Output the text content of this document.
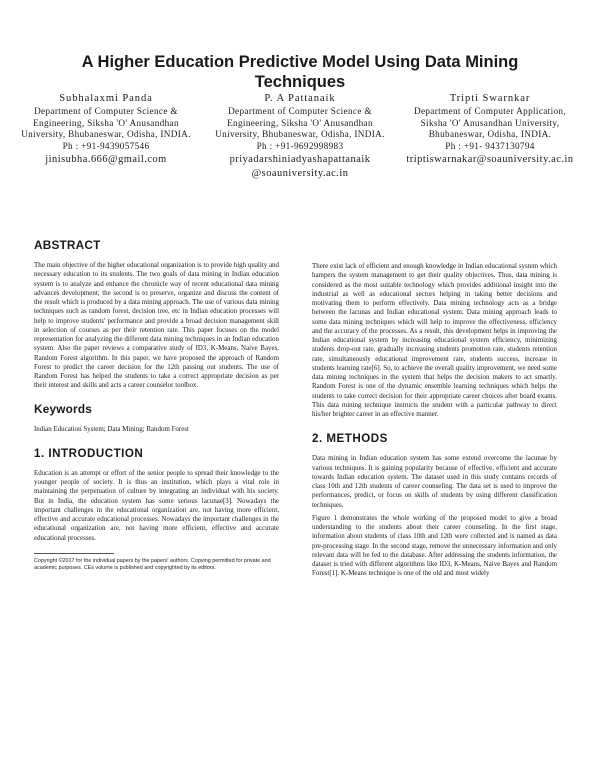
A Higher Education Predictive Model Using Data Mining Techniques
Subhalaxmi Panda
Department of Computer Science & Engineering, Siksha 'O' Anusandhan University, Bhubaneswar, Odisha, INDIA.
Ph : +91-9439057546
jinisubha.666@gmail.com
P. A Pattanaik
Department of Computer Science & Engineering, Siksha 'O' Anusandhan University, Bhubaneswar, Odisha, INDIA.
Ph : +91-9692998983
priyadarshiniadyashapattanaik @soauniversity.ac.in
Tripti Swarnkar
Department of Computer Application, Siksha 'O' Anusandhan University, Bhubaneswar, Odisha, INDIA.
Ph : +91- 9437130794
triptiswarnakar@soauniversity.ac.in
ABSTRACT

The main objective of the higher educational organization is to provide high quality and necessary education to its students. The two goals of data mining in Indian education system is to analyze and enhance the chronicle way of recent educational data mining advances development; the second is to preserve, organize and discuss the content of the result which is produced by a data mining approach. The use of various data mining techniques such as random forest, decision tree, etc in Indian education processes will help to improve students' performance and provide a broad decision management skill in selection of courses as per their retention rate. This paper focuses on the model representation for analyzing the different data mining techniques in an Indian education system. Also the paper reviews a comparative study of ID3, K-Means, Naive Bayes, Random Forest algorithm. In this paper, we have proposed the approach of Random Forest to predict the career decision for the 12th passing out students. The use of Random Forest has helped the students to take a correct appropriate decision as per their interest and skills and acts a career counselor toolbox.

Keywords

Indian Education System; Data Mining; Random Forest

1. INTRODUCTION

Education is an attempt or effort of the senior people to spread their knowledge to the younger people of society. It is thus an institution, which plays a vital role in maintaining the perpetuation of culture by integrating an individual with his society. But in India, the education system has some serious lacunae[3]. Nowadays the important challenges in the educational organization are, not having more efficient, effective and accurate educational processes. Nowadays the important challenges in the educational organization are, not having more efficient, effective and accurate educational processes.

Copyright ©2017 for the individual papers by the papers' authors. Copying permitted for private and academic purposes. CEs volume is published and copyrighted by its editors.

There exist lack of efficient and enough knowledge in Indian educational system which hampers the system management to get their quality objectives. Thus, data mining is considered as the most suitable technology which provides additional insight into the industrial as well as educational sectors helping in taking better decisions and motivating them to perform effectively. Data mining technology acts as a bridge between the lacunas and Indian educational system. Data mining approach leads to some data mining techniques which will help to improve the effectiveness, efficiency and the accuracy of the processes. As a result, this development helps in improving the Indian educational system by increasing educational system efficiency, minimizing students drop-out rate, gradually increasing students promotion rate, students retention rate, simultaneously educational improvement rate, students success, increase in students learning rate[6]. So, to achieve the overall quality improvement, we need some data mining techniques in the system that helps the decision makers to act smartly. Random Forest is one of the dynamic ensemble learning techniques which helps the students to take correct decision for their appropriate career choices after board exams. This data mining technique instructs the student with a particular pathway to direct his/her brighter career in an effective manner.

2. METHODS

Data mining in Indian education system has some extend overcome the lacunae by various techniques. It is gaining popularity because of effective, efficient and accurate towards Indian education system. The dataset used in this study contains records of class 10th and 12th students of career counseling. The data set is used to improve the performances, predict, or focus on skills of students by using different classification techniques.

Figure 1 demonstrates the whole working of the proposed model to give a broad understanding to the students about their career counseling. In the first stage, information about students of class 10th and 12th were collected and is named as data pre-processing stage. In the second stage, remove the unnecessary information and only relevant data will be fed to the database. After addressing the students information, the dataset is tried with different algorithms like ID3, K-Means, Naive Bayes and Random Forest[1]. K-Means technique is one of the old and most widely
